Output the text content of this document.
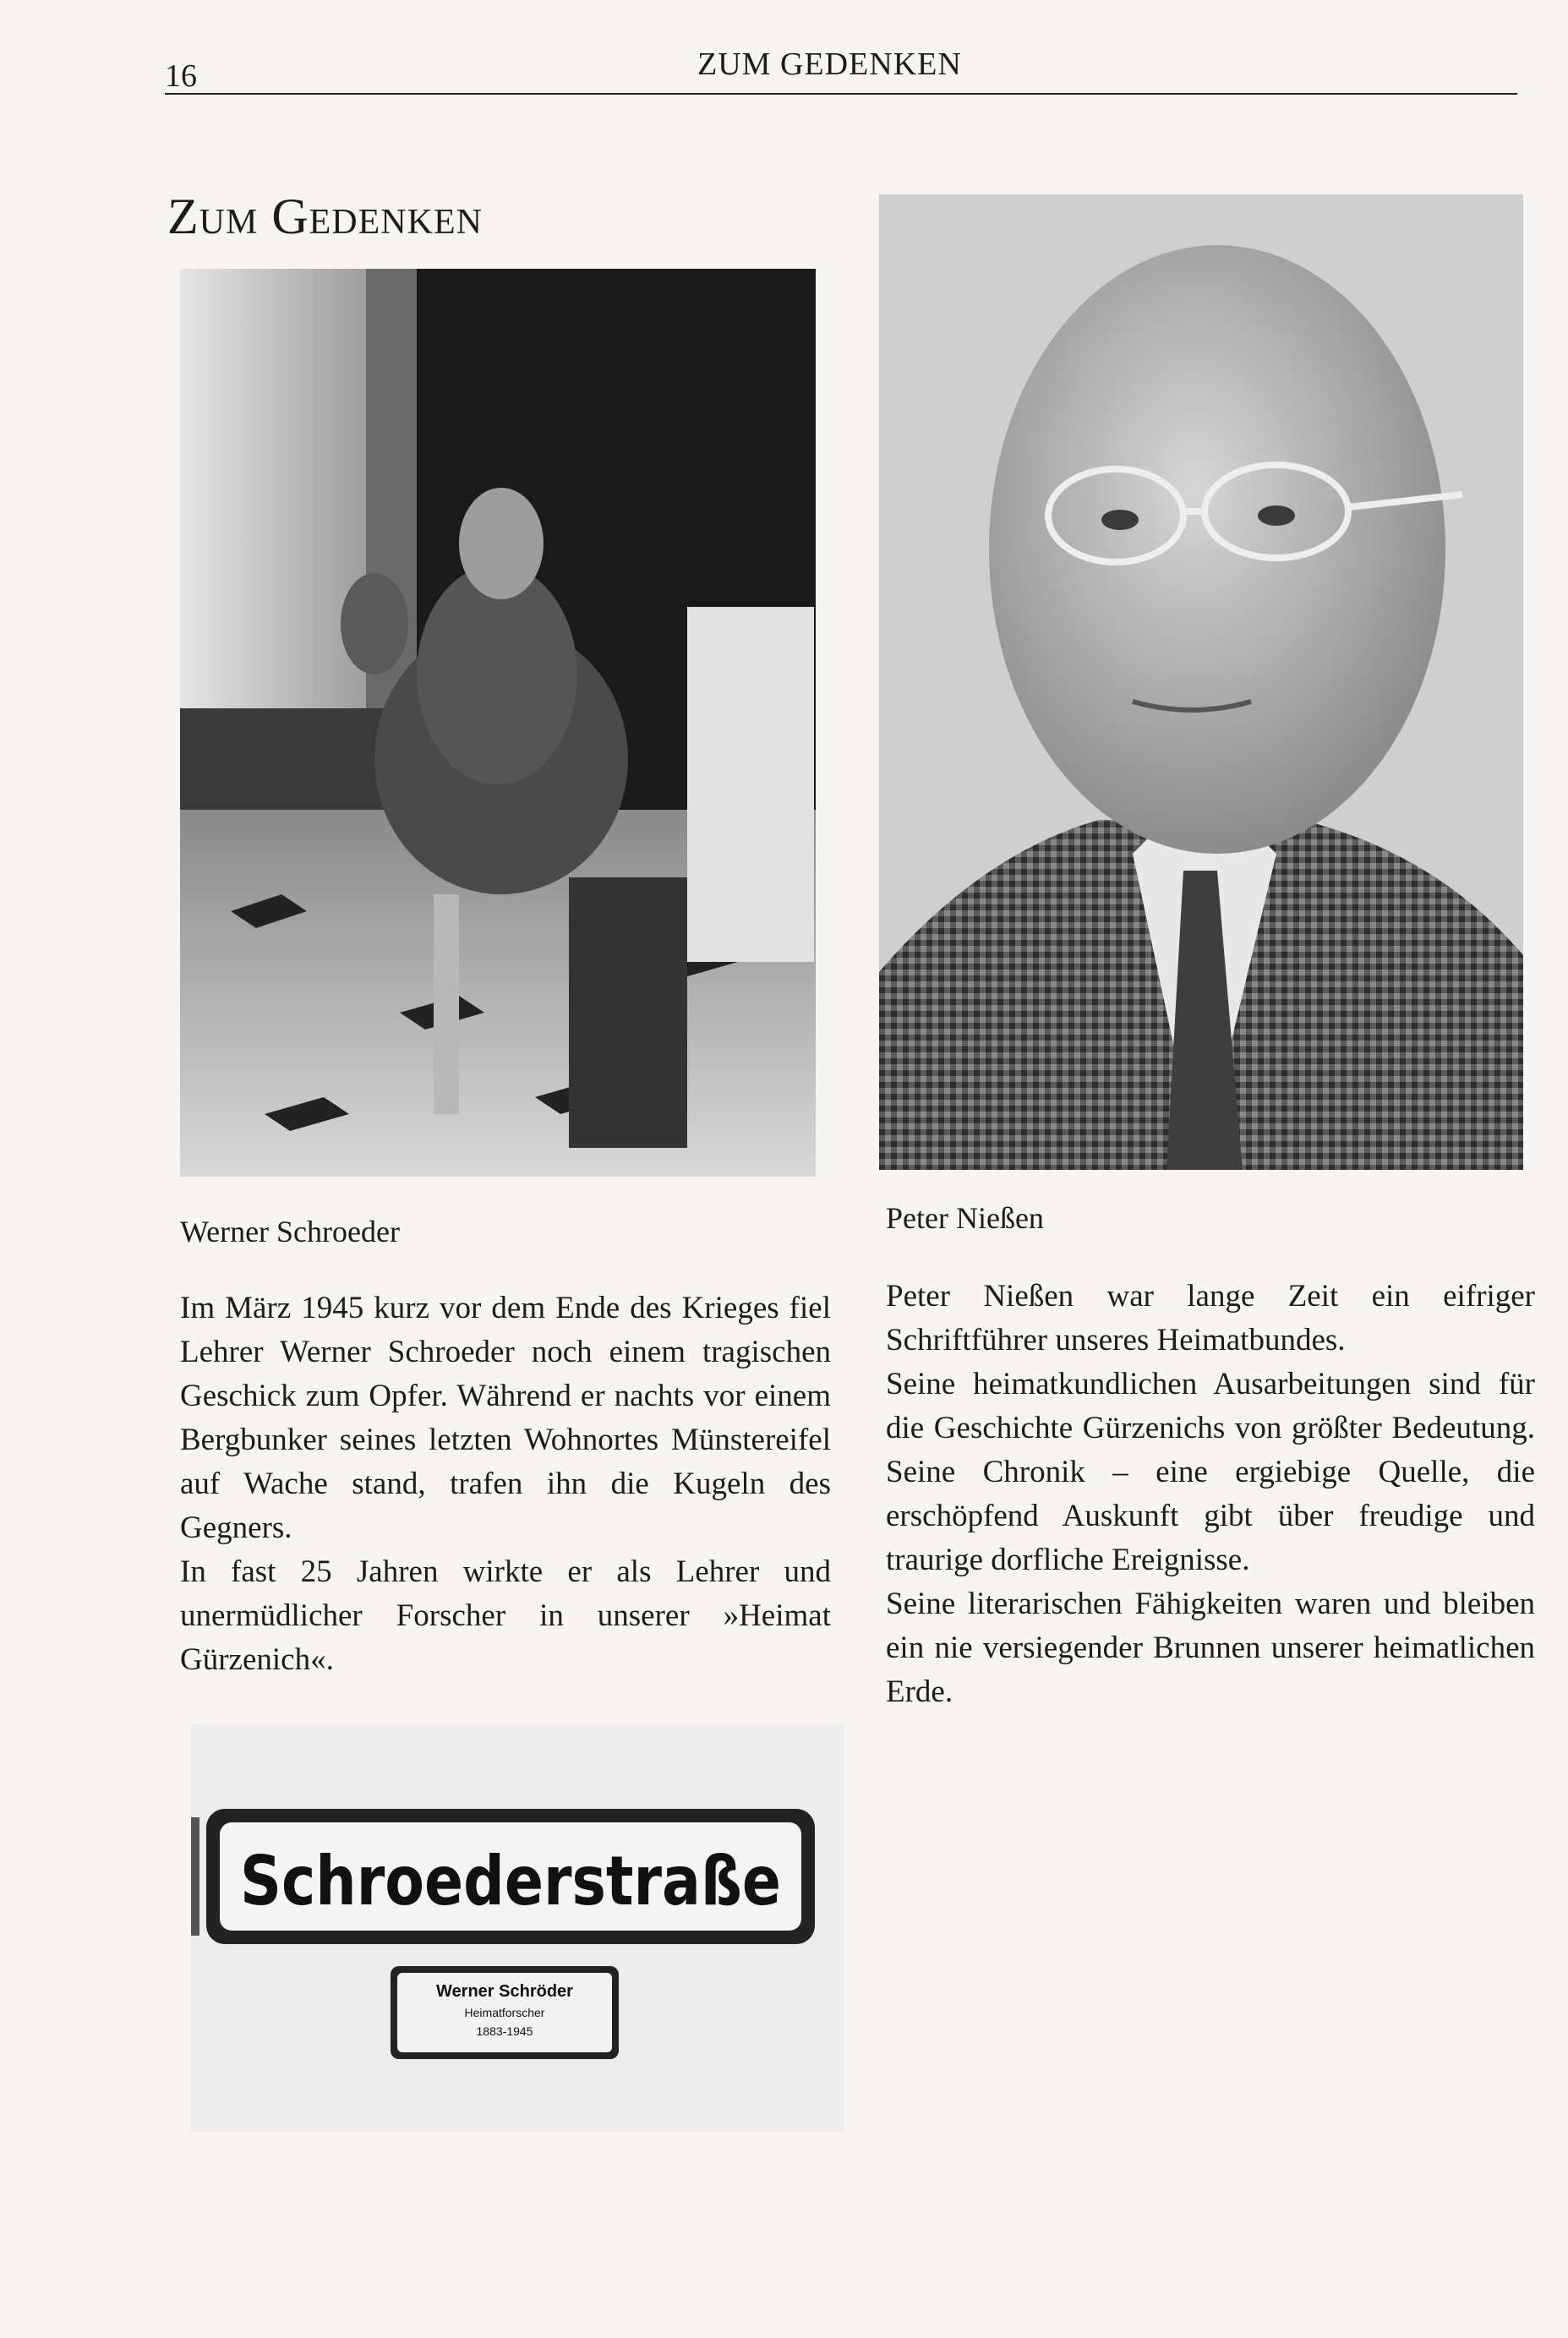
16	ZUM GEDENKEN
Zum Gedenken
Werner Schroeder	Peter Nießen

Im März 1945 kurz vor dem Ende des Krieges fiel Lehrer Werner Schroeder noch einem tragischen Geschick zum Opfer. Während er nachts vor einem Bergbunker seines letzten Wohnortes Münstereifel auf Wache stand, trafen ihn die Kugeln des Gegners.

In fast 25 Jahren wirkte er als Lehrer und unermüdlicher Forscher in unserer »Heimat Gürzenich«.

Peter Nießen war lange Zeit ein eifriger Schriftführer unseres Heimatbundes.

Seine heimatkundlichen Ausarbeitungen sind für die Geschichte Gürzenichs von größter Bedeutung. Seine Chronik – eine ergiebige Quelle, die erschöpfend Auskunft gibt über freudige und traurige dorfliche Ereignisse.

Seine literarischen Fähigkeiten waren und bleiben ein nie versiegender Brunnen unserer heimatlichen Erde.

Schroederstraße
Werner Schröder
Heimatforscher
1883-1945
